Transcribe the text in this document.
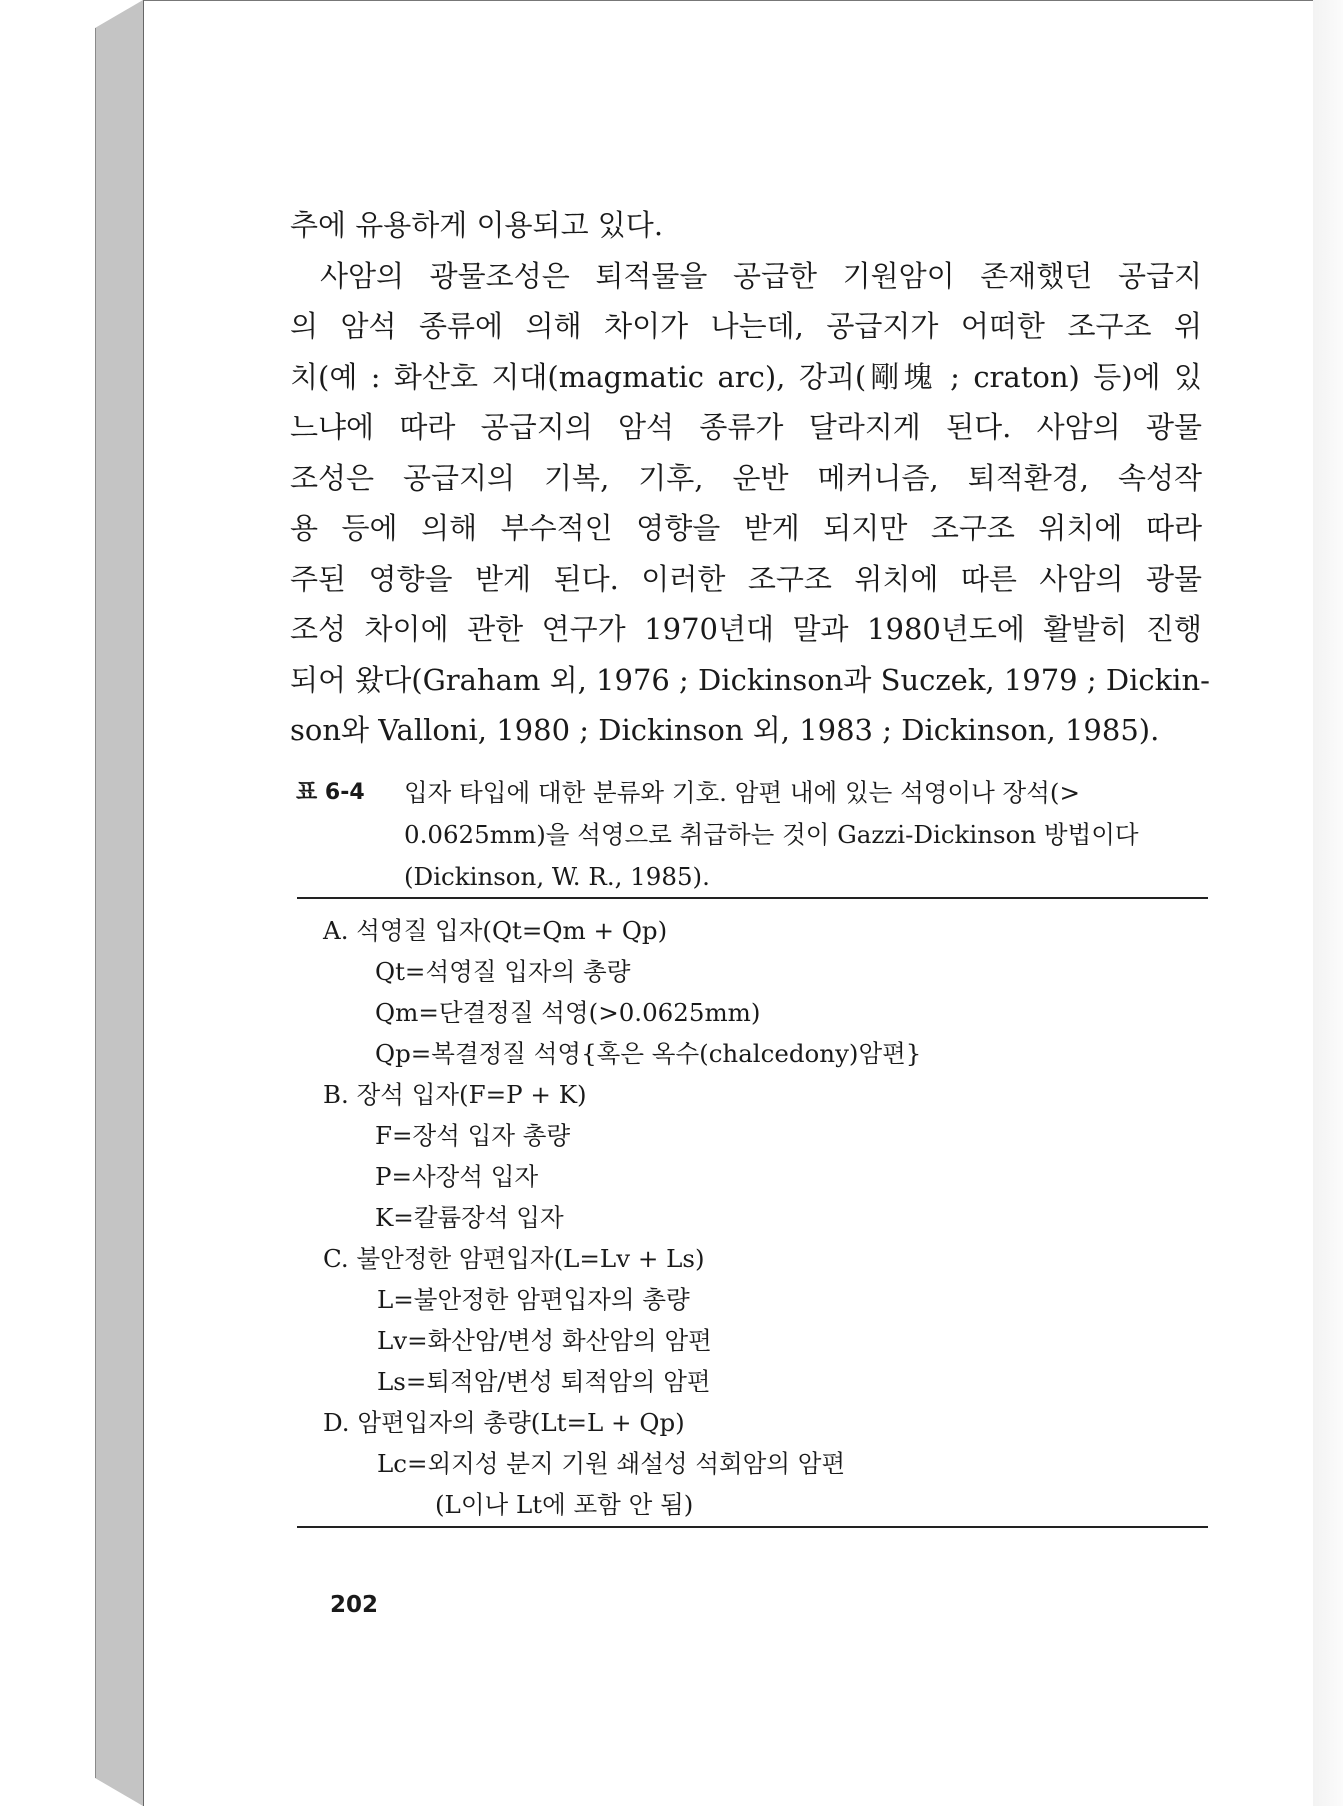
추에 유용하게 이용되고 있다.
사암의 광물조성은 퇴적물을 공급한 기원암이 존재했던 공급지
의 암석 종류에 의해 차이가 나는데, 공급지가 어떠한 조구조 위
치(예 : 화산호 지대(magmatic arc), 강괴(剛塊 ; craton) 등)에 있
느냐에 따라 공급지의 암석 종류가 달라지게 된다. 사암의 광물
조성은 공급지의 기복, 기후, 운반 메커니즘, 퇴적환경, 속성작
용 등에 의해 부수적인 영향을 받게 되지만 조구조 위치에 따라
주된 영향을 받게 된다. 이러한 조구조 위치에 따른 사암의 광물
조성 차이에 관한 연구가 1970년대 말과 1980년도에 활발히 진행
되어 왔다(Graham 외, 1976 ; Dickinson과 Suczek, 1979 ; Dickin-
son와 Valloni, 1980 ; Dickinson 외, 1983 ; Dickinson, 1985).
표 6-4 입자 타입에 대한 분류와 기호. 암편 내에 있는 석영이나 장석(>
0.0625mm)을 석영으로 취급하는 것이 Gazzi-Dickinson 방법이다
(Dickinson, W. R., 1985).
A. 석영질 입자(Qt=Qm + Qp)
Qt=석영질 입자의 총량
Qm=단결정질 석영(>0.0625mm)
Qp=복결정질 석영{혹은 옥수(chalcedony)암편}
B. 장석 입자(F=P + K)
F=장석 입자 총량
P=사장석 입자
K=칼륨장석 입자
C. 불안정한 암편입자(L=Lv + Ls)
L=불안정한 암편입자의 총량
Lv=화산암/변성 화산암의 암편
Ls=퇴적암/변성 퇴적암의 암편
D. 암편입자의 총량(Lt=L + Qp)
Lc=외지성 분지 기원 쇄설성 석회암의 암편
(L이나 Lt에 포함 안 됨)
202
